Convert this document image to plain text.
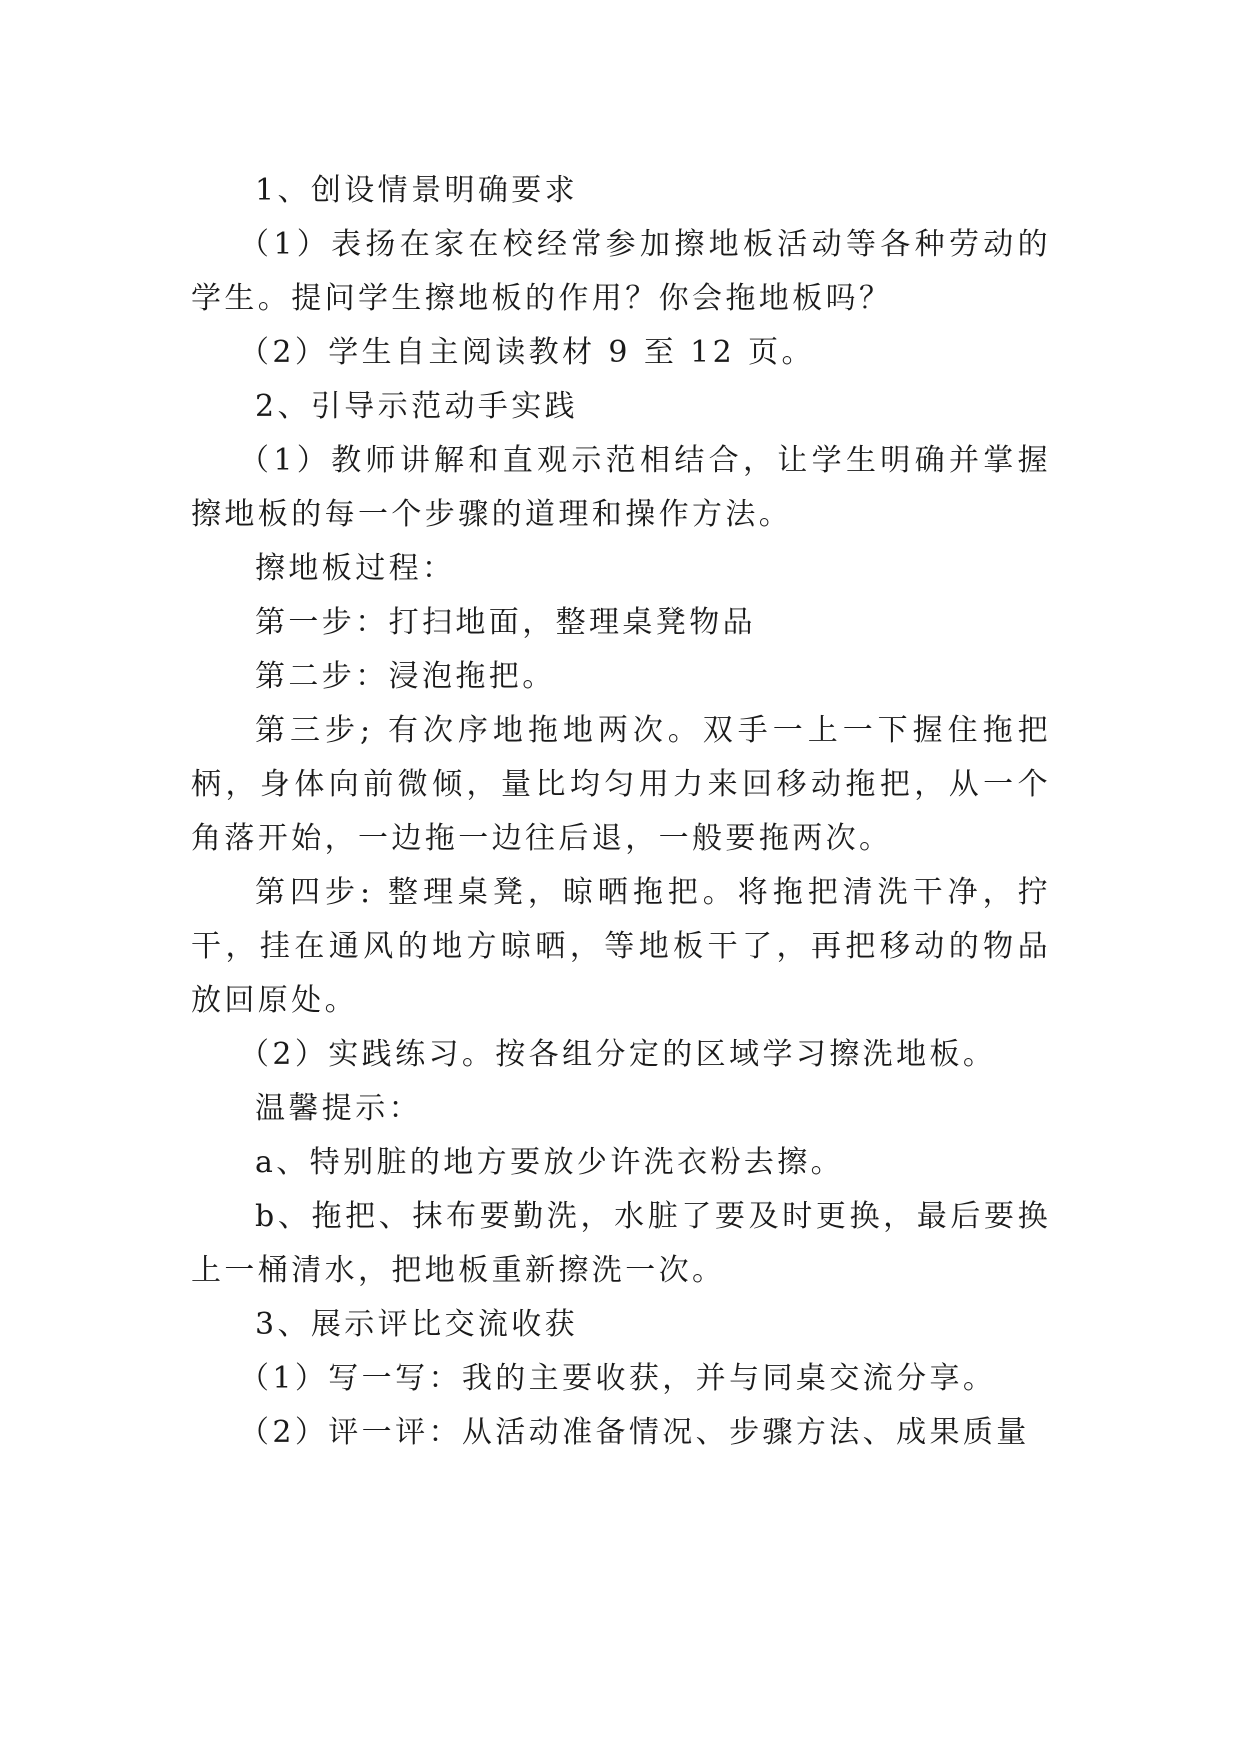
1、创设情景明确要求

（1）表扬在家在校经常参加擦地板活动等各种劳动的学生。提问学生擦地板的作用？你会拖地板吗？

（2）学生自主阅读教材 9 至 12 页。

2、引导示范动手实践

（1）教师讲解和直观示范相结合，让学生明确并掌握擦地板的每一个步骤的道理和操作方法。

擦地板过程：

第一步：打扫地面，整理桌凳物品

第二步：浸泡拖把。

第三步; 有次序地拖地两次。双手一上一下握住拖把柄，身体向前微倾，量比均匀用力来回移动拖把，从一个角落开始，一边拖一边往后退，一般要拖两次。

第四步: 整理桌凳，晾晒拖把。将拖把清洗干净，拧干，挂在通风的地方晾晒，等地板干了，再把移动的物品放回原处。

（2）实践练习。按各组分定的区域学习擦洗地板。

温馨提示：

a、特别脏的地方要放少许洗衣粉去擦。

b、拖把、抹布要勤洗，水脏了要及时更换，最后要换上一桶清水，把地板重新擦洗一次。

3、展示评比交流收获

（1）写一写：我的主要收获，并与同桌交流分享。

（2）评一评：从活动准备情况、步骤方法、成果质量
